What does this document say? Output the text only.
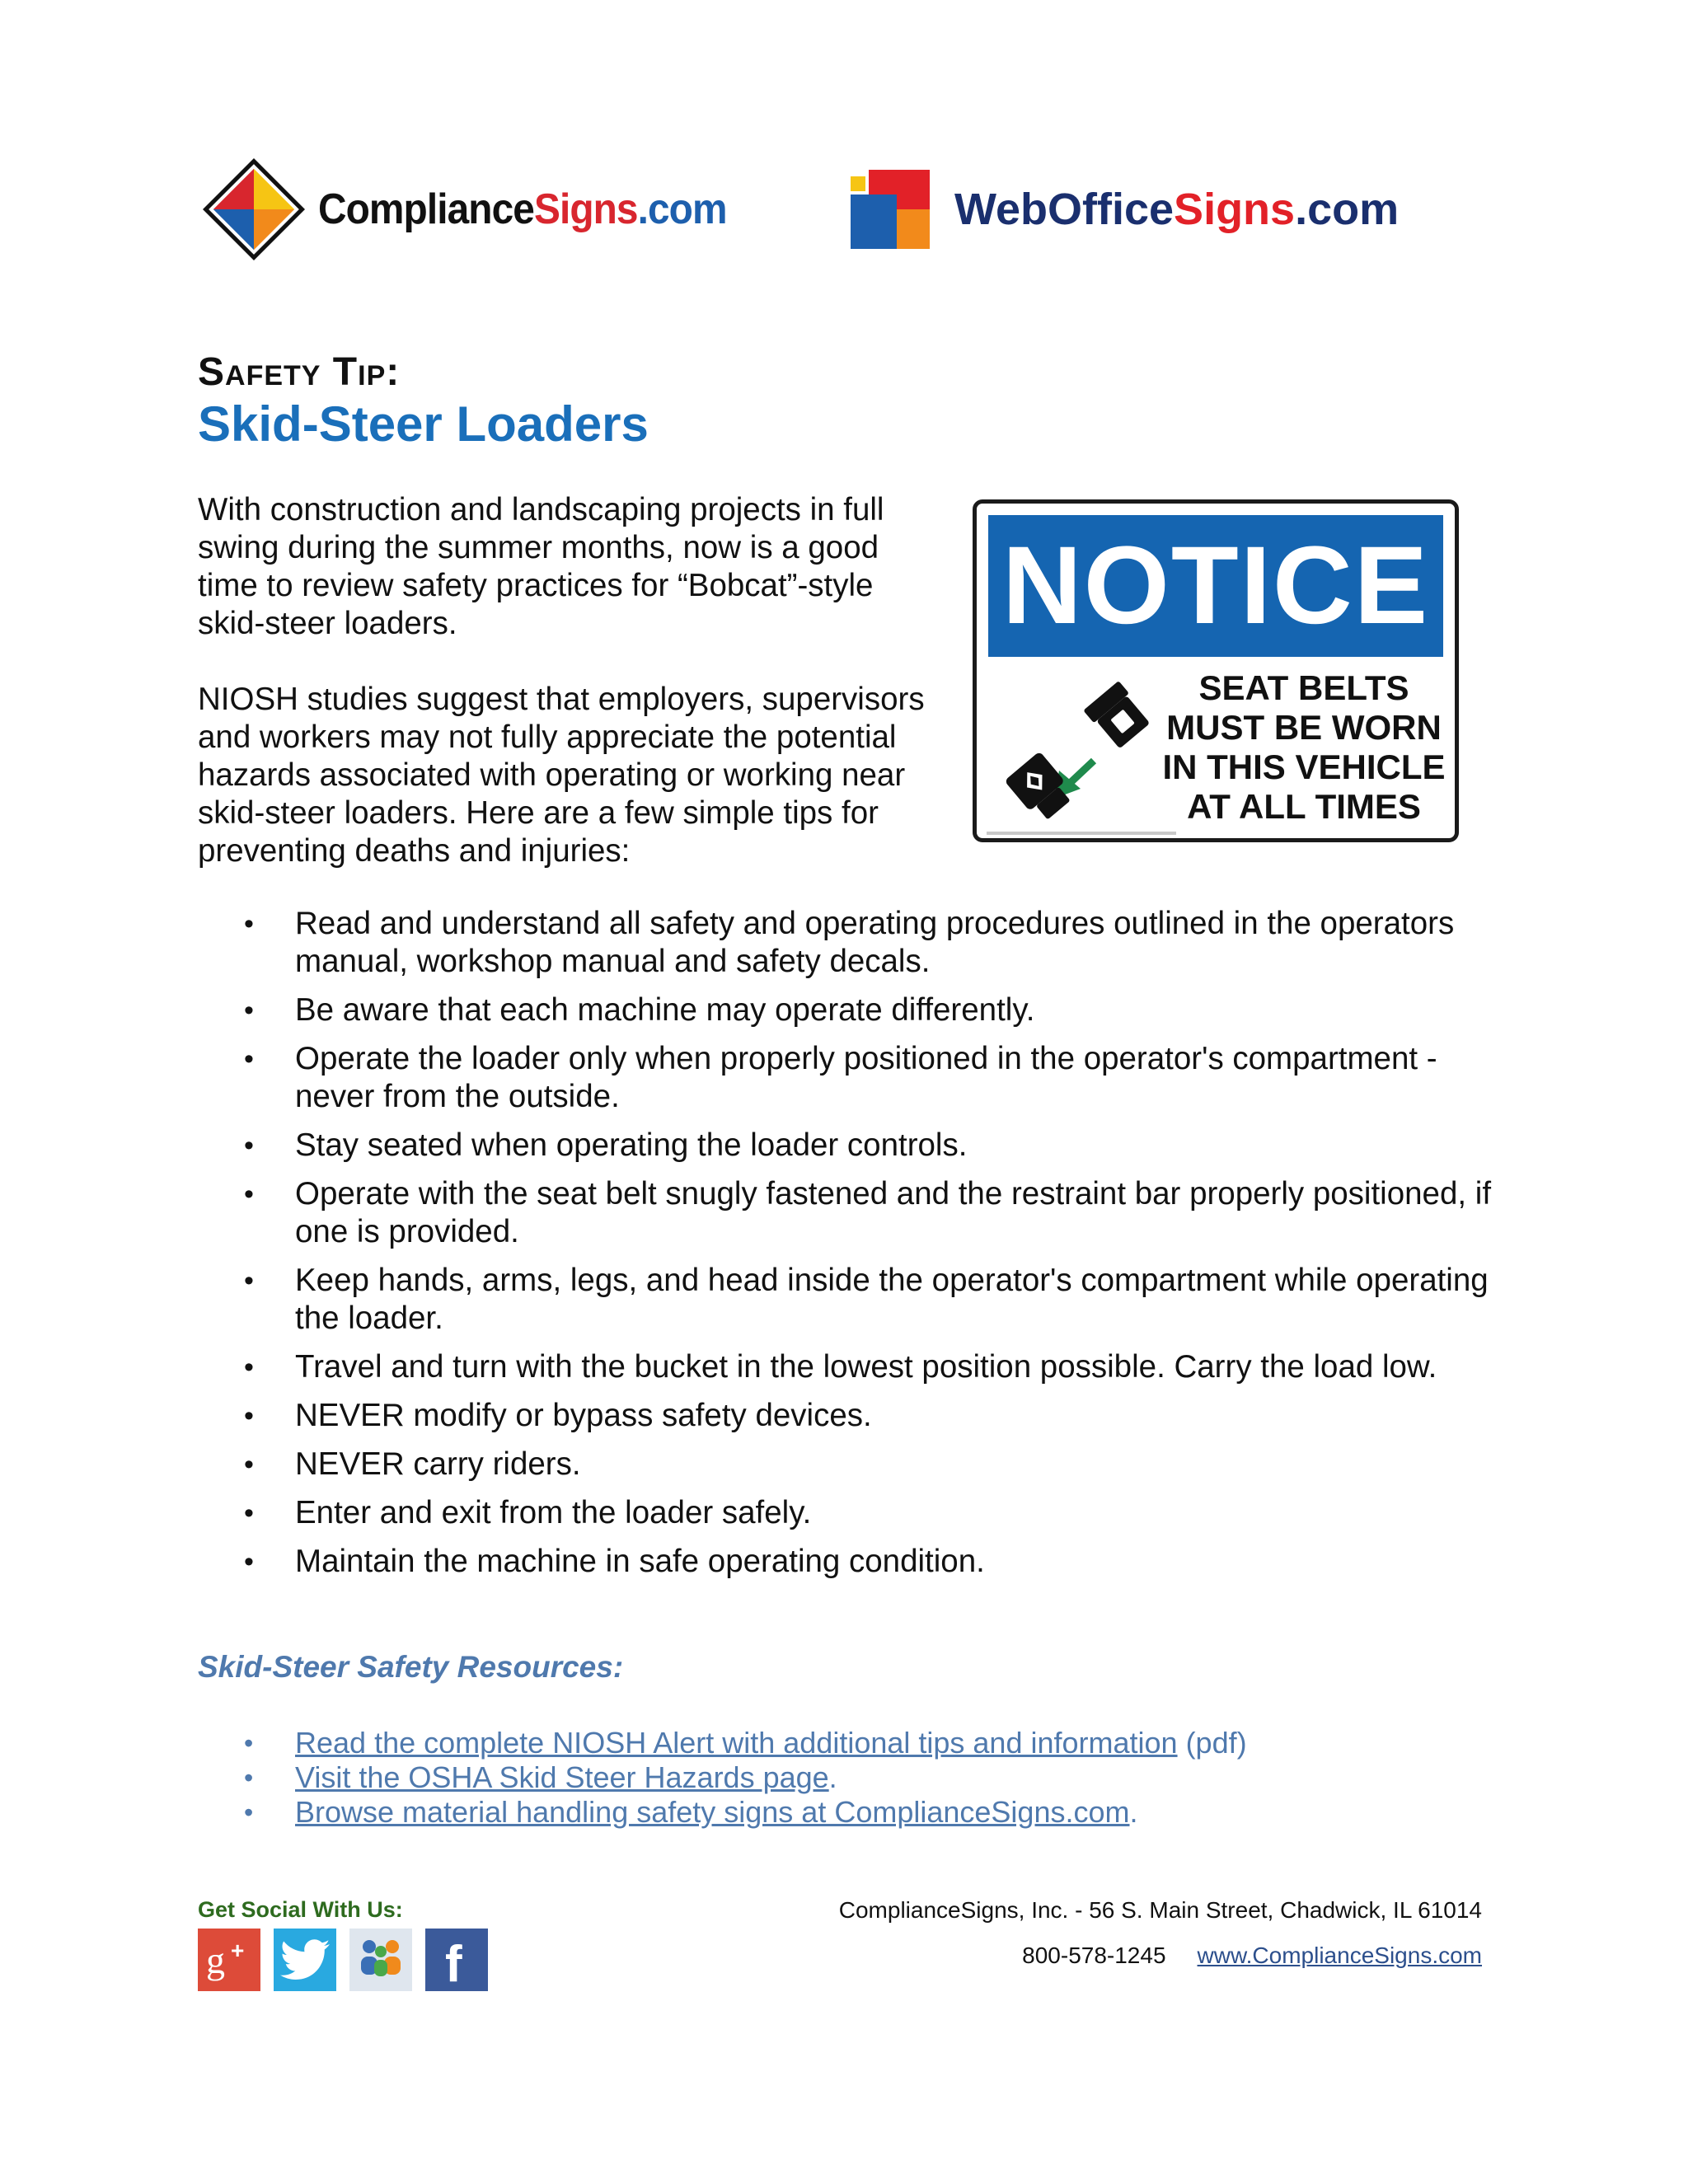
ComplianceSigns.com	WebOfficeSigns.com
Safety Tip:
Skid-Steer Loaders
With construction and landscaping projects in full swing during the summer months, now is a good time to review safety practices for “Bobcat”-style skid-steer loaders.
NIOSH studies suggest that employers, supervisors and workers may not fully appreciate the potential hazards associated with operating or working near skid-steer loaders. Here are a few simple tips for preventing deaths and injuries:
NOTICE
SEAT BELTS
MUST BE WORN
IN THIS VEHICLE
AT ALL TIMES
• Read and understand all safety and operating procedures outlined in the operators manual, workshop manual and safety decals.
• Be aware that each machine may operate differently.
• Operate the loader only when properly positioned in the operator's compartment - never from the outside.
• Stay seated when operating the loader controls.
• Operate with the seat belt snugly fastened and the restraint bar properly positioned, if one is provided.
• Keep hands, arms, legs, and head inside the operator's compartment while operating the loader.
• Travel and turn with the bucket in the lowest position possible. Carry the load low.
• NEVER modify or bypass safety devices.
• NEVER carry riders.
• Enter and exit from the loader safely.
• Maintain the machine in safe operating condition.
Skid-Steer Safety Resources:
• Read the complete NIOSH Alert with additional tips and information (pdf)
• Visit the OSHA Skid Steer Hazards page.
• Browse material handling safety signs at ComplianceSigns.com.
Get Social With Us:
g +	f
ComplianceSigns, Inc. - 56 S. Main Street, Chadwick, IL 61014
800-578-1245 www.ComplianceSigns.com
